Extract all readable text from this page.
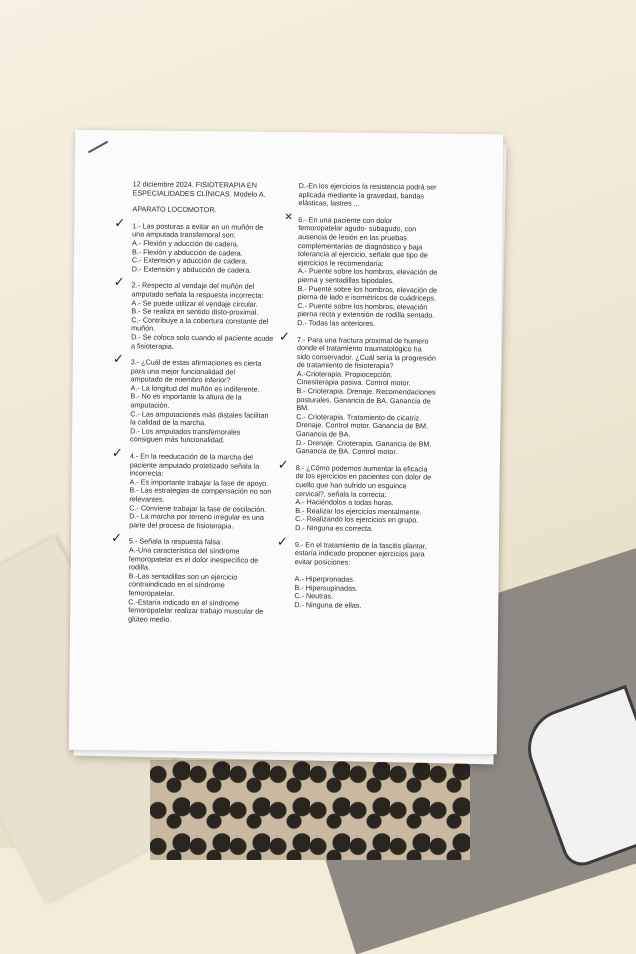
12 diciembre 2024. FISIOTERAPIA EN
ESPECIALIDADES CLÍNICAS. Modelo A.
APARATO LOCOMOTOR.
✓ 1.- Las posturas a evitar en un muñón de
una amputada transfemoral son:
A.- Flexión y aducción de cadera.
B.- Flexión y abducción de cadera.
C.- Extensión y aducción de cadera.
D.- Extensión y abducción de cadera.
✓ 2.- Respecto al vendaje del muñón del
amputado señala la respuesta incorrecta:
A.- Se puede utilizar el vendaje circular.
B.- Se realiza en sentido disto-proximal.
C.- Contribuye a la cobertura constante del
muñón.
D.- Se coloca solo cuando el paciente acude
a fisioterapia.
✓ 3.- ¿Cuál de estas afirmaciones es cierta
para una mejor funcionalidad del
amputado de miembro inferior?
A.- La longitud del muñón es indiferente.
B.- No es importante la altura de la
amputación.
C.- Las amputaciones más distales facilitan
la calidad de la marcha.
D.- Los amputados transfemorales
consiguen más funcionalidad.
✓ 4.- En la reeducación de la marcha del
paciente amputado protetizado señala la
incorrecta:
A.- Es importante trabajar la fase de apoyo.
B.- Las estrategias de compensación no son
relevantes.
C.- Conviene trabajar la fase de oscilación.
D.- La marcha por terreno irregular es una
parte del proceso de fisioterapia.
✓ 5.- Señala la respuesta falsa:
A.-Una característica del síndrome
femoropatelar es el dolor inespecífico de
rodilla.
B.-Las sentadillas son un ejercicio
contraindicado en el síndrome
femoropatelar.
C.-Estaría indicado en el síndrome
femoropatelar realizar trabajo muscular de
glúteo medio.
D.-En los ejercicios la resistencia podrá ser
aplicada mediante la gravedad, bandas
elásticas, lastres ...
✕ 6.- En una paciente con dolor
femoropatelar agudo- subagudo, con
ausencia de lesión en las pruebas
complementarias de diagnóstico y baja
tolerancia al ejercicio, señale que tipo de
ejercicios le recomendaría:
A.- Puente sobre los hombros, elevación de
pierna y sentadillas bipodales.
B.- Puente sobre los hombros, elevación de
pierna de lado e isométricos de cuádriceps.
C.- Puente sobre los hombros, elevación
pierna recta y extensión de rodilla sentado.
D.- Todas las anteriores.
✓ 7.- Para una fractura proximal de humero
donde el tratamiento traumatológico ha
sido conservador. ¿Cuál sería la progresión
de tratamiento de fisioterapia?
A.-Crioterapia. Propiocepción.
Cinesiterapia pasiva. Control motor.
B.- Crioterapia. Drenaje. Recomendaciones
posturales. Ganancia de BA. Ganancia de
BM.
C.- Crioterapia. Tratamiento de cicatriz.
Drenaje. Control motor. Ganancia de BM.
Ganancia de BA.
D.- Drenaje. Crioterapia. Ganancia de BM.
Ganancia de BA. Control motor.
✓ 8.- ¿Cómo podemos aumentar la eficacia
de los ejercicios en pacientes con dolor de
cuello que han sufrido un esguince
cervical?, señala la correcta:
A.- Haciéndolos a todas horas.
B.- Realizar los ejercicios mentalmente.
C.- Realizando los ejercicios en grupo.
D.- Ninguna es correcta.
✓ 9.- En el tratamiento de la fascitis plantar,
estaría indicado proponer ejercicios para
evitar posiciones:
A.- Hiperpronadas.
B.- Hipersupinadas.
C.- Neutras.
D.- Ninguna de ellas.
